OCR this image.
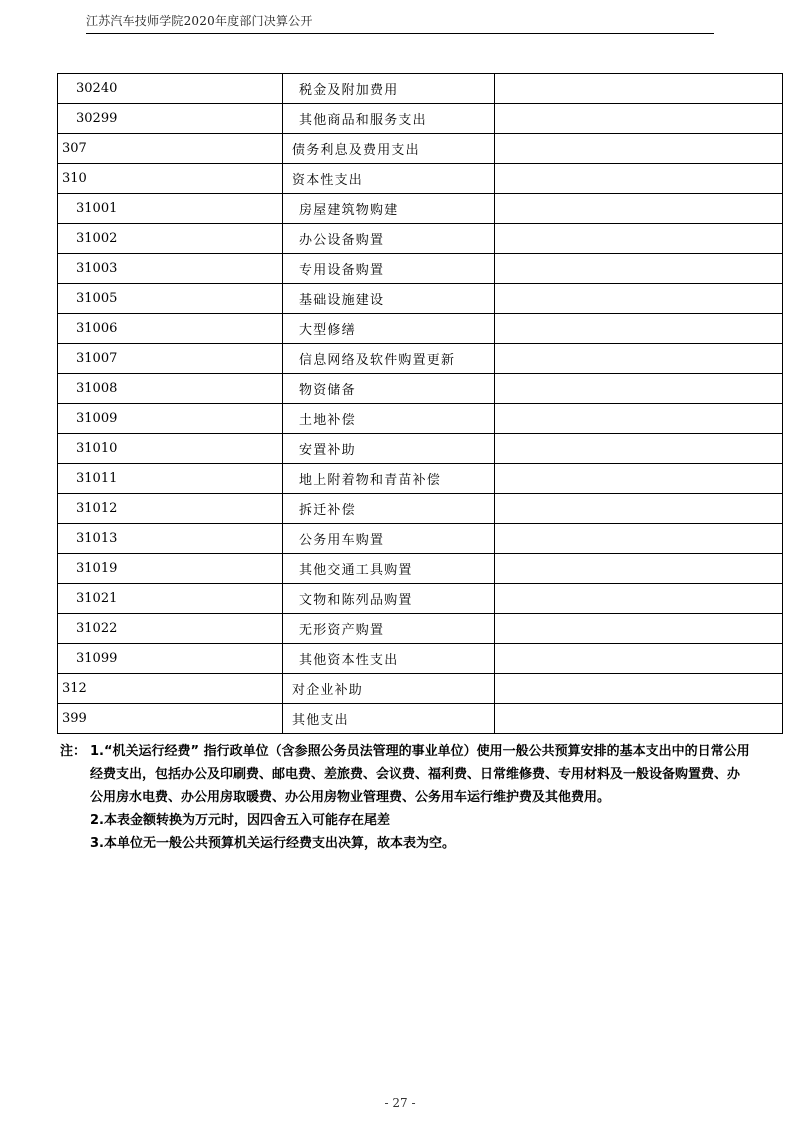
江苏汽车技师学院2020年度部门决算公开
30240	税金及附加费用	
30299	其他商品和服务支出	
307	债务利息及费用支出	
310	资本性支出	
31001	房屋建筑物购建	
31002	办公设备购置	
31003	专用设备购置	
31005	基础设施建设	
31006	大型修缮	
31007	信息网络及软件购置更新	
31008	物资储备	
31009	土地补偿	
31010	安置补助	
31011	地上附着物和青苗补偿	
31012	拆迁补偿	
31013	公务用车购置	
31019	其他交通工具购置	
31021	文物和陈列品购置	
31022	无形资产购置	
31099	其他资本性支出	
312	对企业补助	
399	其他支出	
注： 1.“机关运行经费” 指行政单位（含参照公务员法管理的事业单位）使用一般公共预算安排的基本支出中的日常公用经费支出，包括办公及印刷费、邮电费、差旅费、会议费、福利费、日常维修费、专用材料及一般设备购置费、办公用房水电费、办公用房取暖费、办公用房物业管理费、公务用车运行维护费及其他费用。
2.本表金额转换为万元时，因四舍五入可能存在尾差
3.本单位无一般公共预算机关运行经费支出决算，故本表为空。
- 27 -
